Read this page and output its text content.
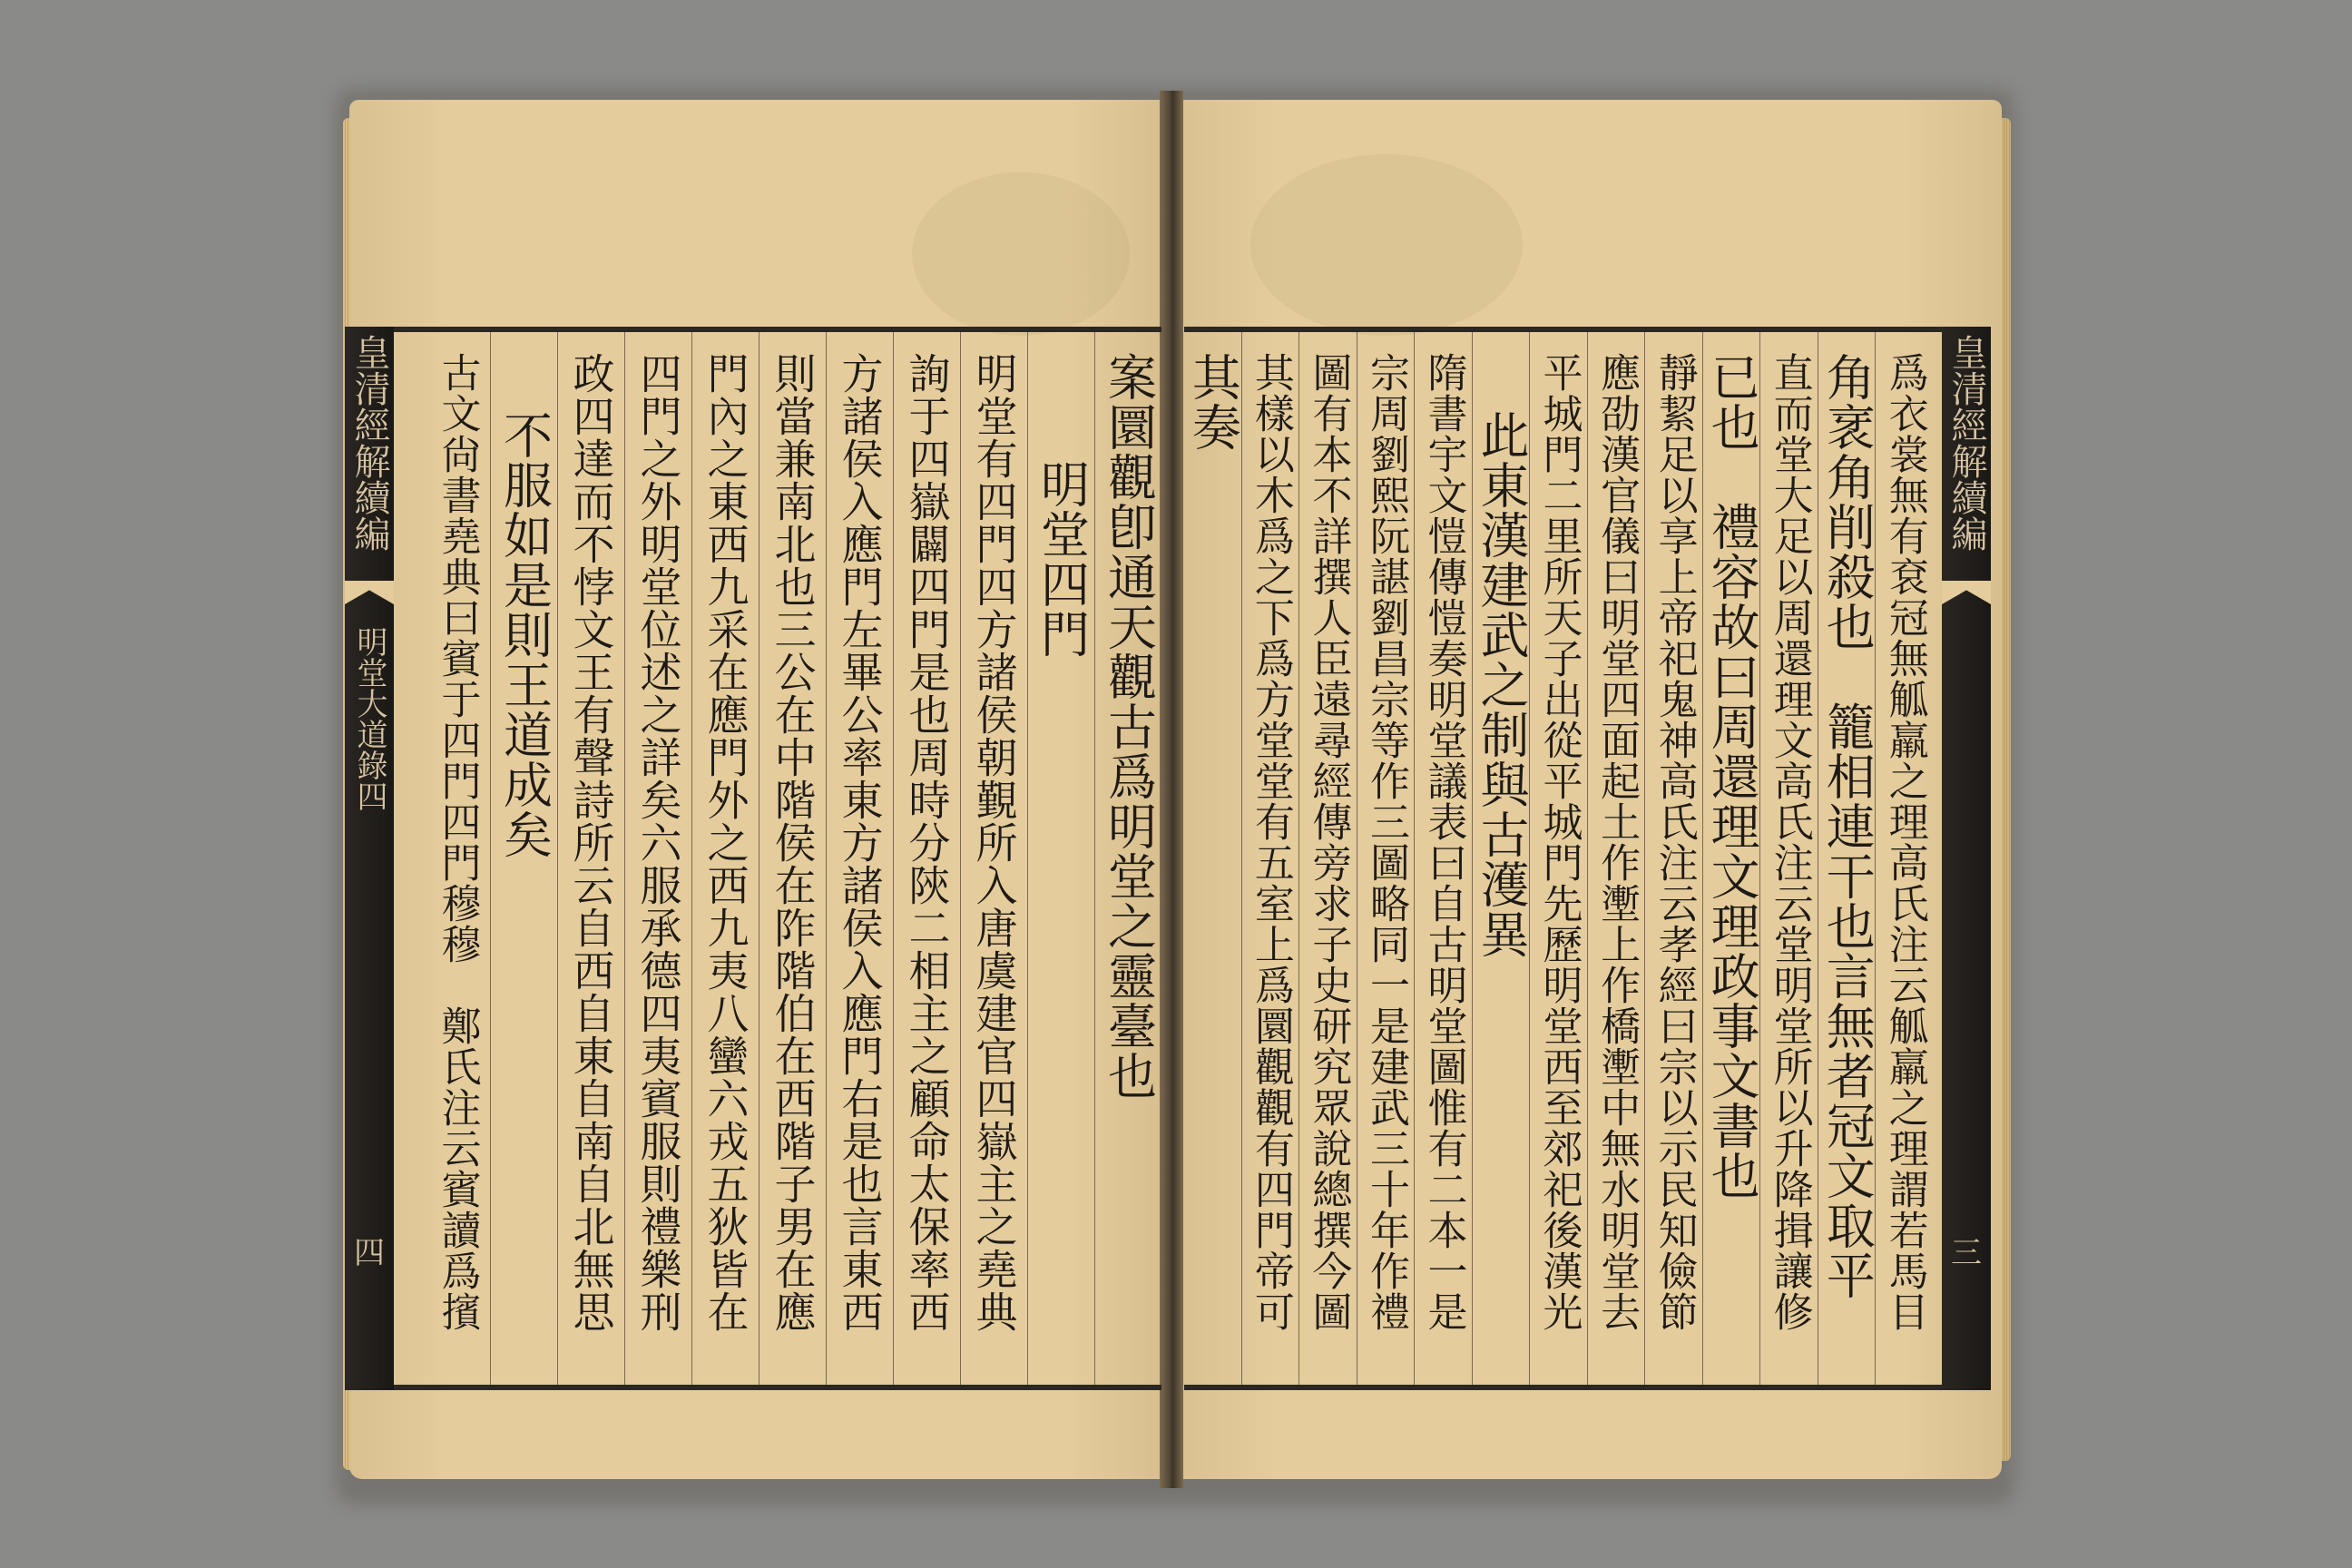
案圜觀卽通天觀古爲明堂之靈臺也
明堂四門
明堂有四門四方諸侯朝覲所入唐虞建官四嶽主之堯典
詢于四嶽闢四門是也周時分陝二相主之顧命太保率西
方諸侯入應門左畢公率東方諸侯入應門右是也言東西
則當兼南北也三公在中階侯在阼階伯在西階子男在應
門內之東西九采在應門外之西九夷八蠻六戎五狄皆在
四門之外明堂位述之詳矣六服承德四夷賓服則禮樂刑
政四達而不悖文王有聲詩所云自西自東自南自北無思
不服如是則王道成矣
古文尙書堯典曰賓于四門四門穆穆　鄭氏注云賓讀爲擯
皇清經解續編
明堂大道錄四
四	爲衣裳無有袞冠無觚羸之理高氏注云觚羸之理謂若馬目
角衺角削殺也　籠相連干也言無者冠文取平
直而堂大足以周還理文高氏注云堂明堂所以升降揖讓修
已也　禮容故曰周還理文理政事文書也
靜絜足以享上帝祀鬼神高氏注云孝經曰宗以示民知儉節
應劭漢官儀曰明堂四面起土作壍上作橋壍中無水明堂去
平城門二里所天子出從平城門先歷明堂西至郊祀後漢光
此東漢建武之制與古濩異
隋書宇文愷傳愷奏明堂議表曰自古明堂圖惟有二本一是
宗周劉熙阮諶劉昌宗等作三圖略同一是建武三十年作禮
圖有本不詳撰人臣遠尋經傳旁求子史研究眾說總撰今圖
其樣以木爲之下爲方堂堂有五室上爲圜觀觀有四門帝可
其奏	皇清經解續編
三
